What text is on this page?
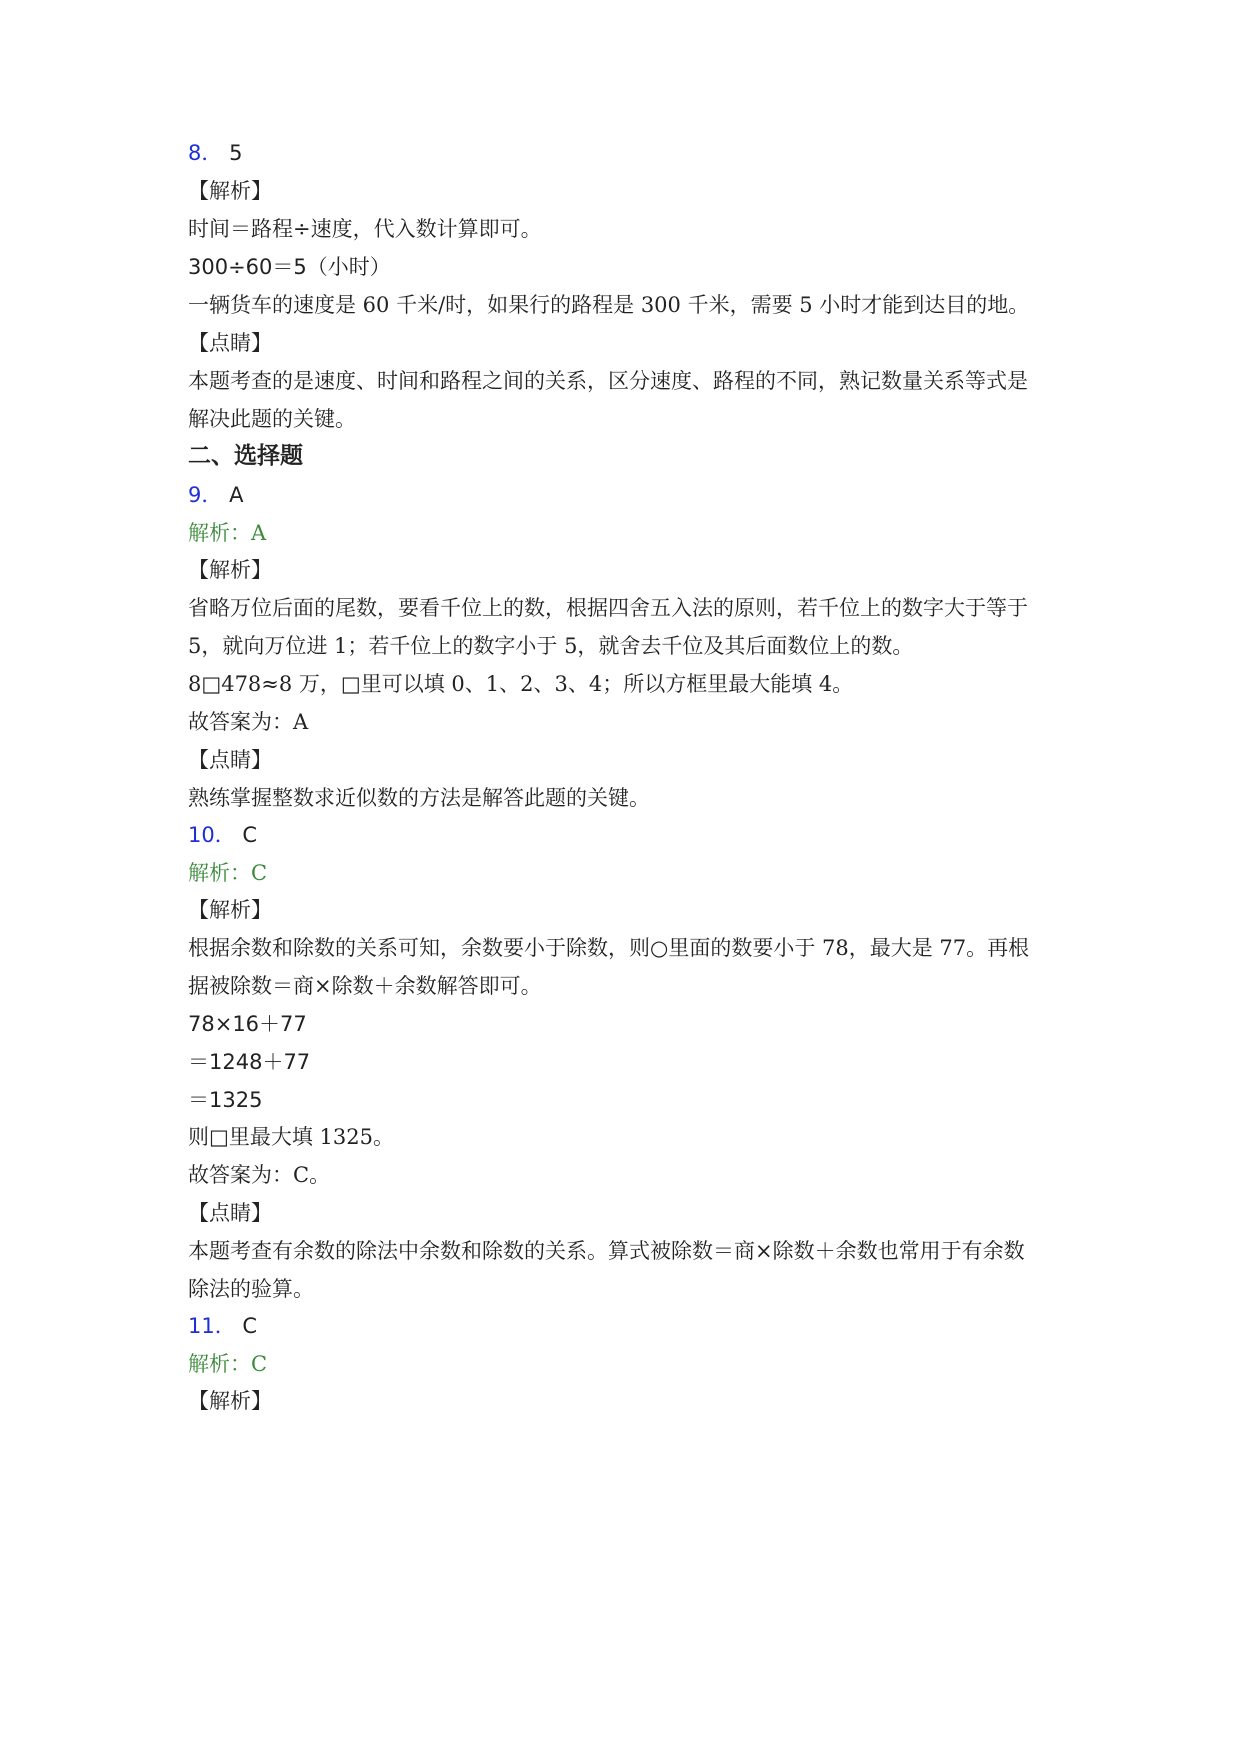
8． 5
【解析】
时间＝路程÷速度，代入数计算即可。
300÷60＝5（小时）
一辆货车的速度是 60 千米/时，如果行的路程是 300 千米，需要 5 小时才能到达目的地。
【点睛】
本题考查的是速度、时间和路程之间的关系，区分速度、路程的不同，熟记数量关系等式是
解决此题的关键。
二、选择题
9． A
解析：A
【解析】
省略万位后面的尾数，要看千位上的数，根据四舍五入法的原则，若千位上的数字大于等于
5，就向万位进 1；若千位上的数字小于 5，就舍去千位及其后面数位上的数。
8□478≈8 万，□里可以填 0、1、2、3、4；所以方框里最大能填 4。
故答案为：A
【点睛】
熟练掌握整数求近似数的方法是解答此题的关键。
10． C
解析：C
【解析】
根据余数和除数的关系可知，余数要小于除数，则○里面的数要小于 78，最大是 77。再根
据被除数＝商×除数＋余数解答即可。
78×16＋77
＝1248＋77
＝1325
则□里最大填 1325。
故答案为：C。
【点睛】
本题考查有余数的除法中余数和除数的关系。算式被除数＝商×除数＋余数也常用于有余数
除法的验算。
11． C
解析：C
【解析】
